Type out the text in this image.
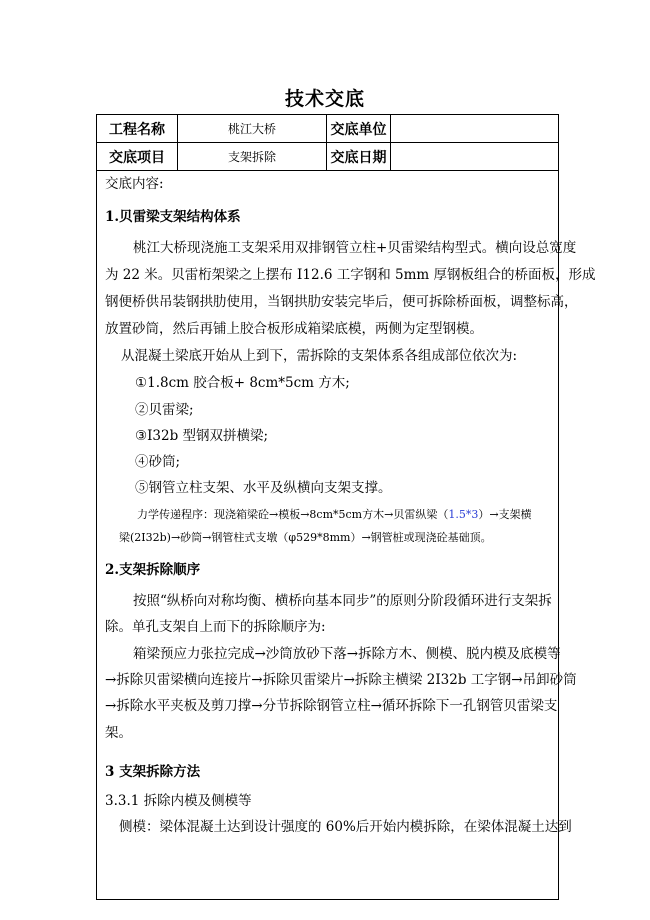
技术交底
工程名称	桃江大桥	交底单位
交底项目	支架拆除	交底日期
交底内容:
1.贝雷梁支架结构体系
桃江大桥现浇施工支架采用双排钢管立柱+贝雷梁结构型式。横向设总宽度
为 22 米。贝雷桁架梁之上摆布 I12.6 工字钢和 5mm 厚钢板组合的桥面板，形成
钢便桥供吊装钢拱肋使用，当钢拱肋安装完毕后，便可拆除桥面板，调整标高，
放置砂筒，然后再铺上胶合板形成箱梁底模，两侧为定型钢模。
从混凝土梁底开始从上到下，需拆除的支架体系各组成部位依次为:
①1.8cm 胶合板+ 8cm*5cm 方木;
②贝雷梁;
③I32b 型钢双拼横梁;
④砂筒;
⑤钢管立柱支架、水平及纵横向支架支撑。
力学传递程序：现浇箱梁砼→模板→8cm*5cm方木→贝雷纵梁（1.5*3）→支架横
梁(2I32b)→砂筒→钢管柱式支墩（φ529*8mm）→钢管桩或现浇砼基础顶。
2.支架拆除顺序
按照“纵桥向对称均衡、横桥向基本同步”的原则分阶段循环进行支架拆
除。单孔支架自上而下的拆除顺序为:
箱梁预应力张拉完成→沙筒放砂下落→拆除方木、侧模、脱内模及底模等
→拆除贝雷梁横向连接片→拆除贝雷梁片→拆除主横梁 2I32b 工字钢→吊卸砂筒
→拆除水平夹板及剪刀撑→分节拆除钢管立柱→循环拆除下一孔钢管贝雷梁支
架。
3 支架拆除方法
3.3.1 拆除内模及侧模等
侧模：梁体混凝土达到设计强度的 60%后开始内模拆除，在梁体混凝土达到
